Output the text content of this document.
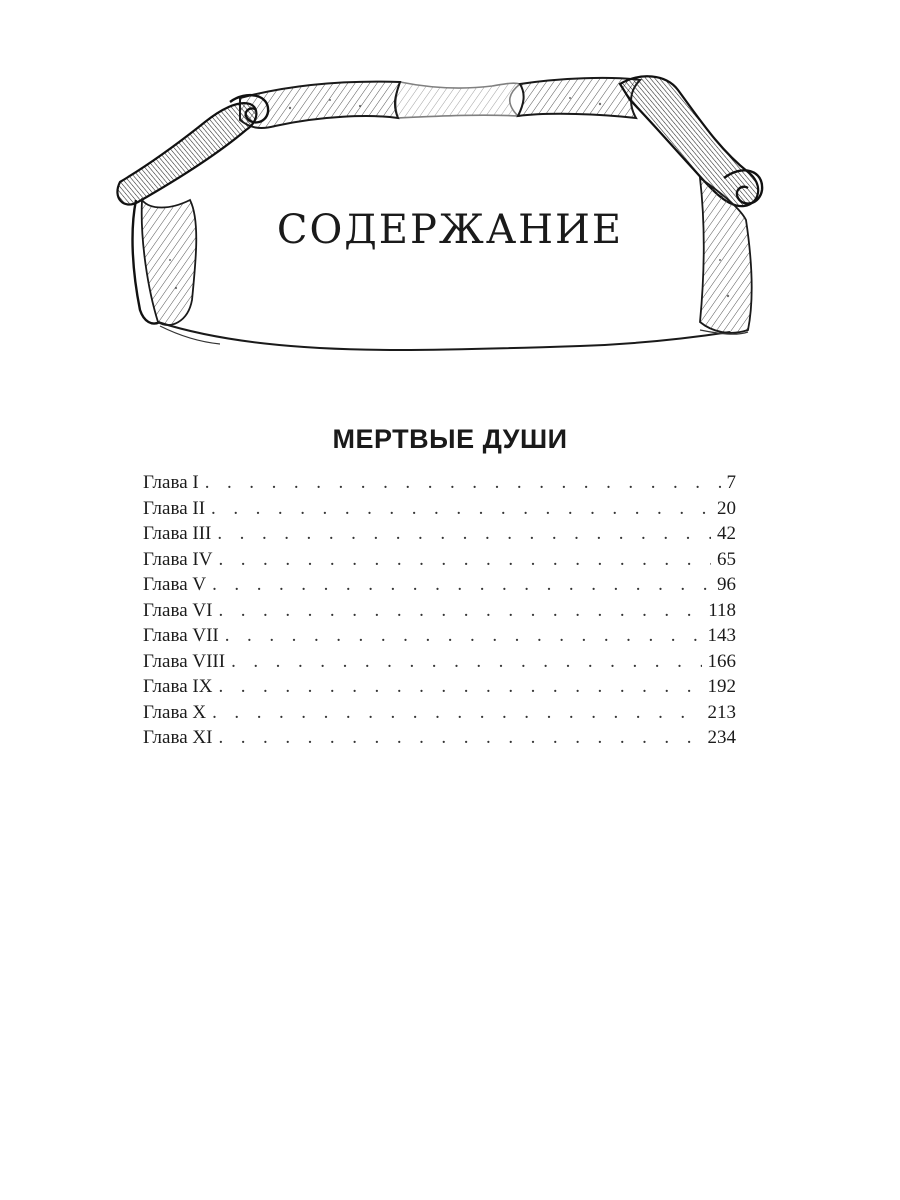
СОДЕРЖАНИЕ
МЕРТВЫЕ ДУШИ
Глава I . . .	7
Глава II . . .	20
Глава III . . .	42
Глава IV . . .	65
Глава V . . .	96
Глава VI . . .	118
Глава VII . . .	143
Глава VIII . . .	166
Глава IX . . .	192
Глава X . . .	213
Глава XI . . .	234
